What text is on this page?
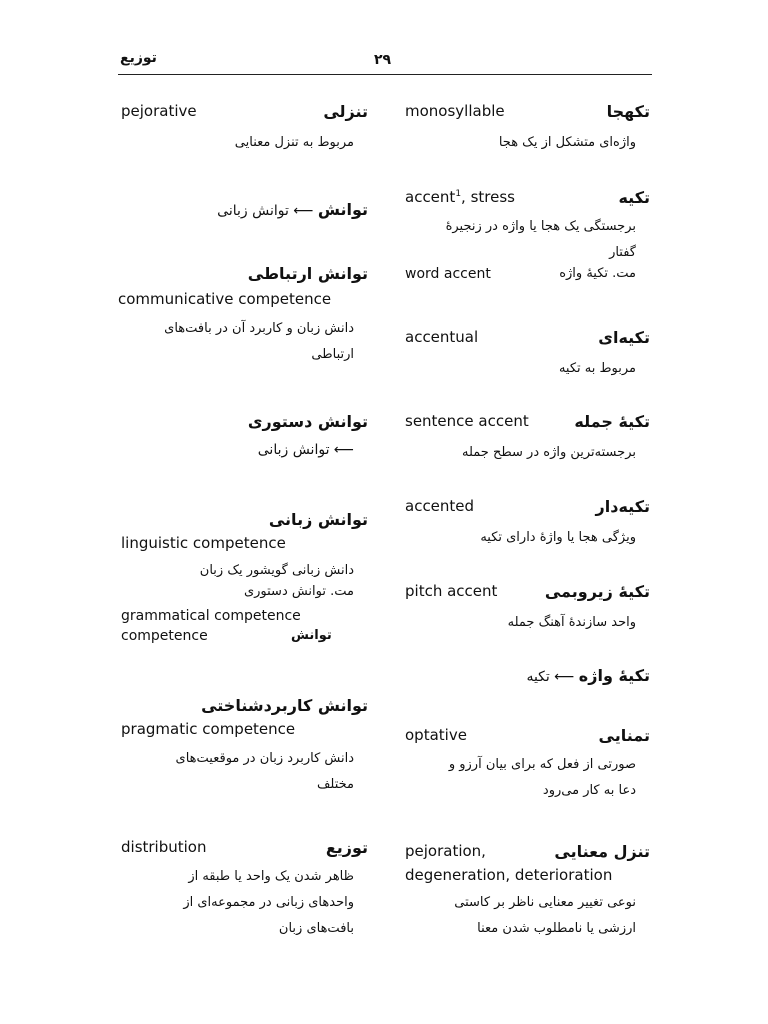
توزیع	۲۹
تکهجا
monosyllable
واژه‌ای متشکل از یک هجا
تکیه
accent$^1$, stress
برجستگی یک هجا یا واژه در زنجیرهٔ
گفتار
word accent	مت. تکیهٔ واژه
تکیه‌ای
accentual
مربوط به تکیه
تکیهٔ جمله
sentence accent
برجسته‌ترین واژه در سطح جمله
تکیه‌دار
accented
ویژگی هجا یا واژهٔ دارای تکیه
تکیهٔ زیروبمی
pitch accent
واحد سازندهٔ آهنگ جمله
تکیهٔ واژه ⟵ تکیه
تمنایی
optative
صورتی از فعل که برای بیان آرزو و
دعا به کار می‌رود
تنزل معنایی
pejoration,
degeneration, deterioration
نوعی تغییر معنایی ناظر بر کاستی
ارزشی یا نامطلوب شدن معنا
تنزلی
pejorative
مربوط به تنزل معنایی
توانش ⟵ توانش زبانی
توانش ارتباطی
communicative competence
دانش زبان و کاربرد آن در بافت‌های
ارتباطی
توانش دستوری
⟵ توانش زبانی
توانش زبانی
linguistic competence
دانش زبانی گویشور یک زبان
مت. توانش دستوری
grammatical competence
competence	توانش
توانش کاربردشناختی
pragmatic competence
دانش کاربرد زبان در موقعیت‌های
مختلف
توزیع
distribution
ظاهر شدن یک واحد یا طبقه از
واحدهای زبانی در مجموعه‌ای از
بافت‌های زبان
